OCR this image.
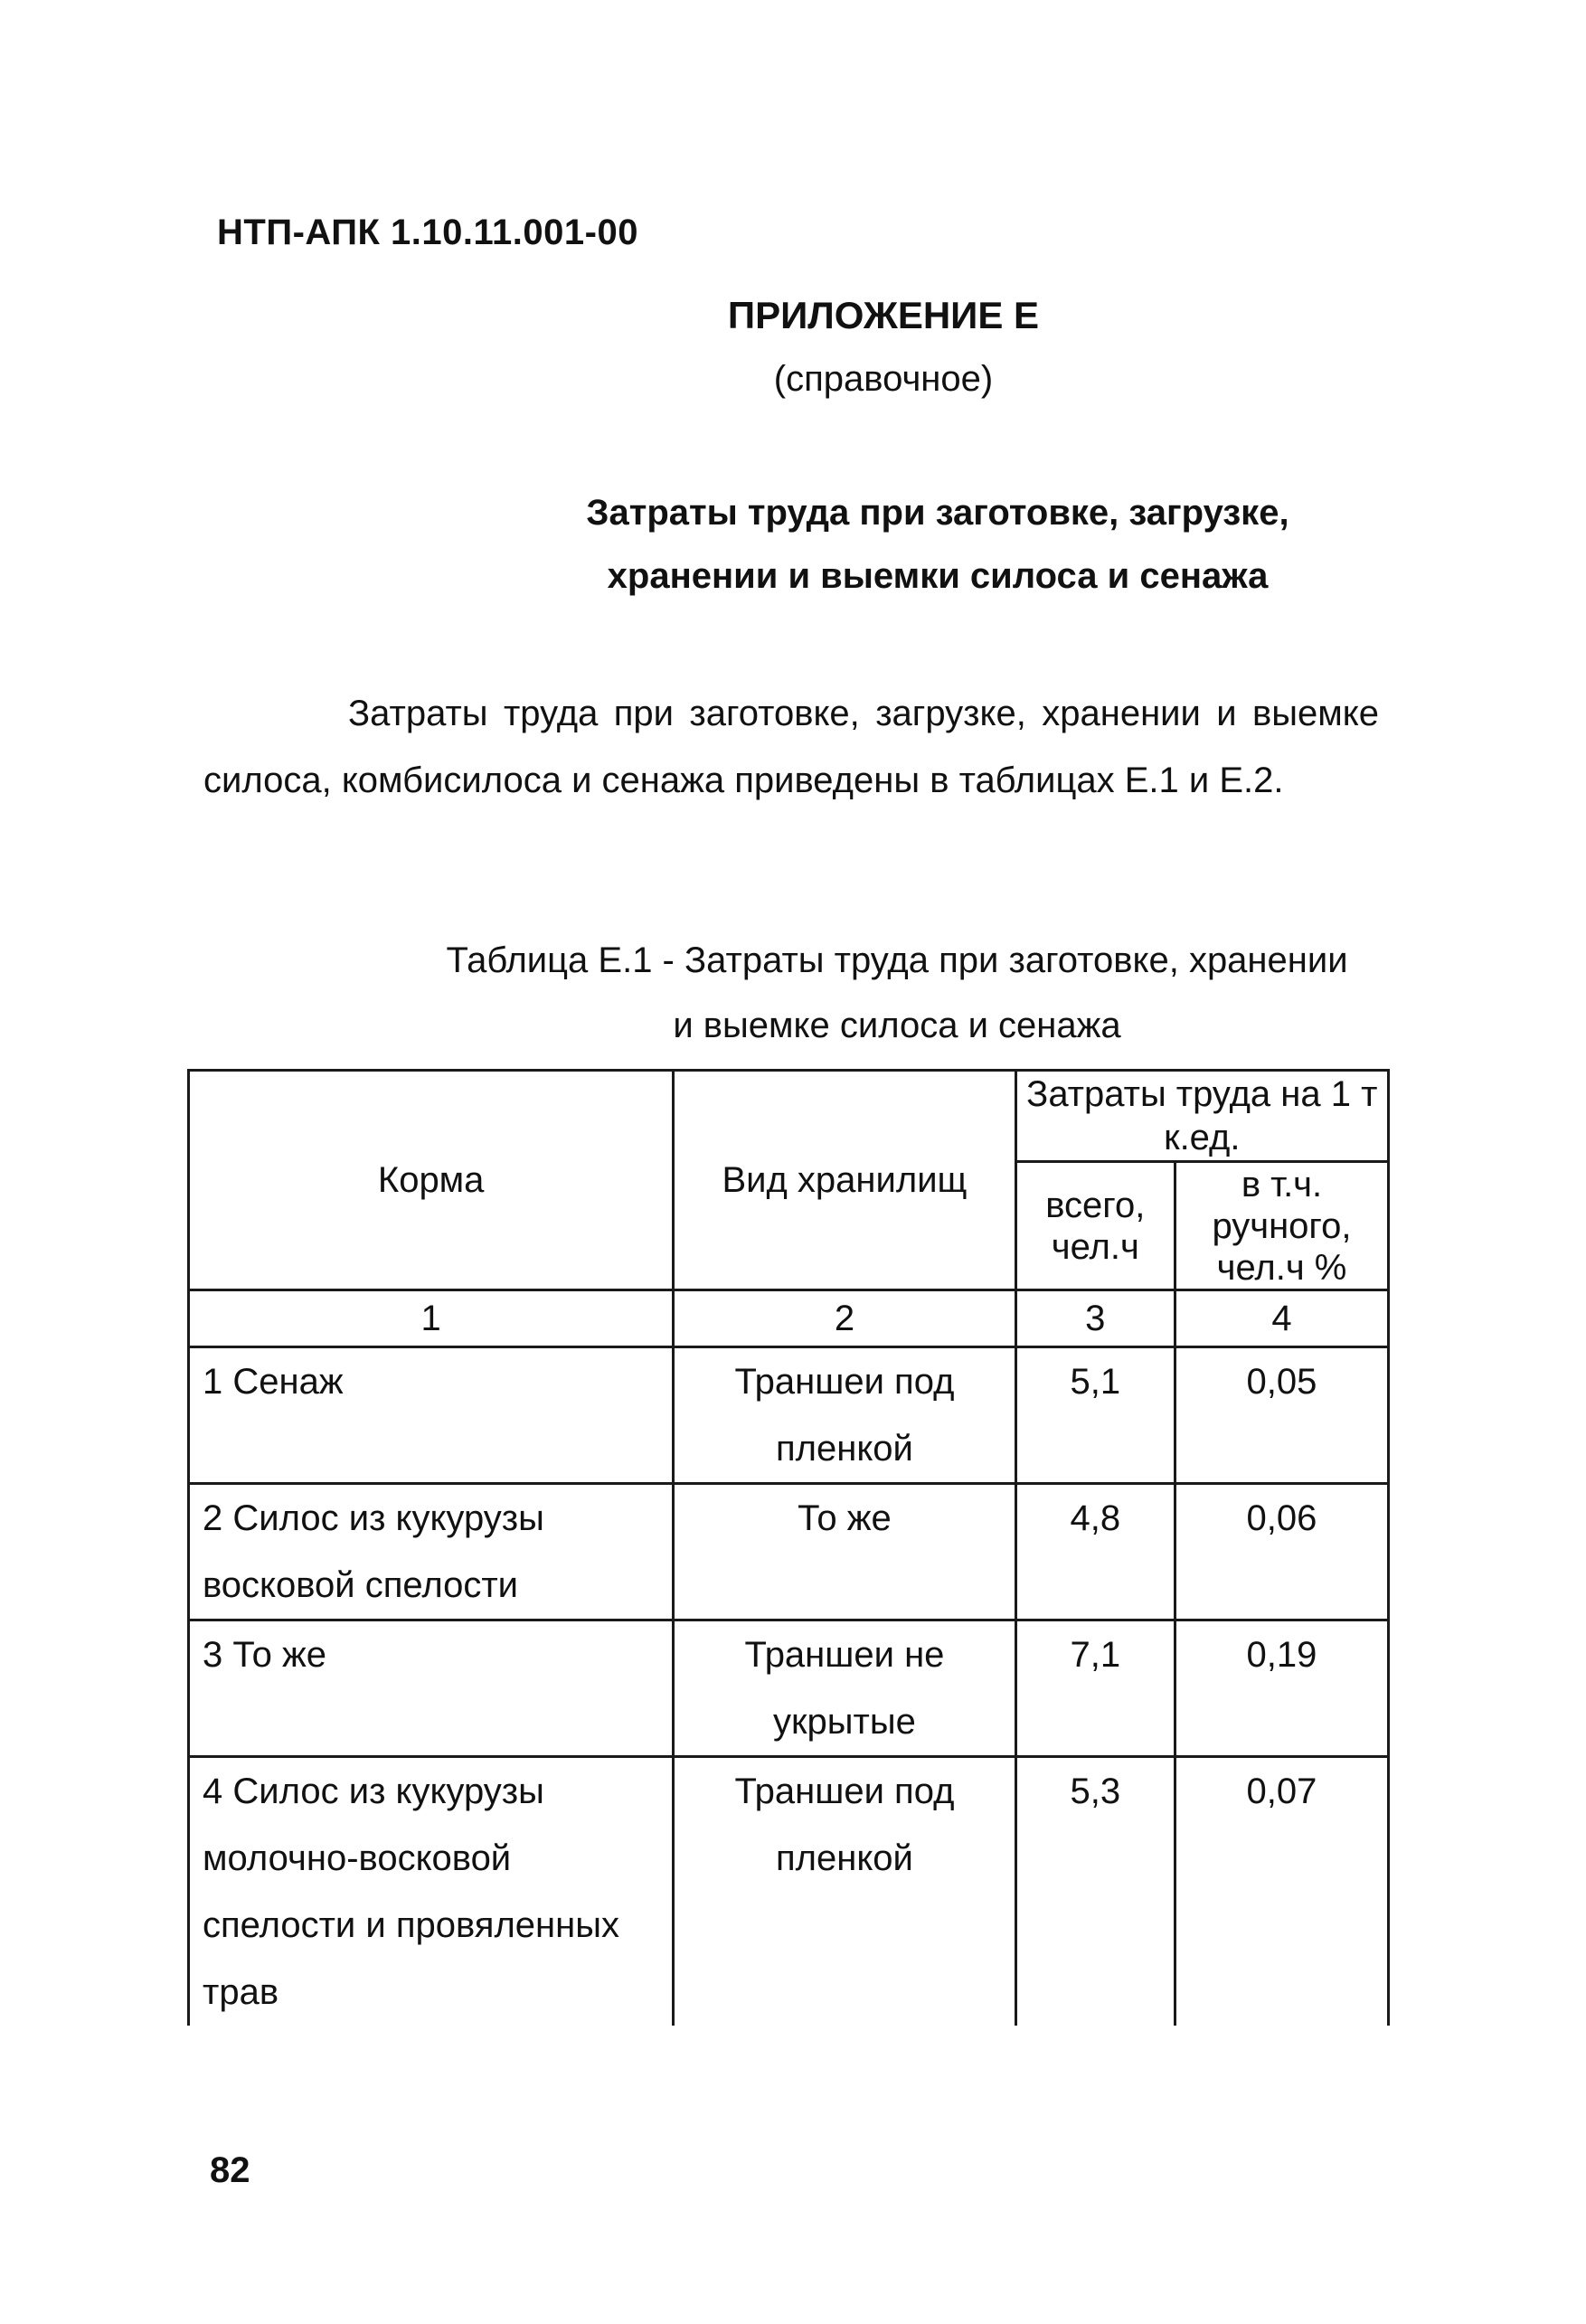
НТП-АПК 1.10.11.001-00
ПРИЛОЖЕНИЕ Е
(справочное)
Затраты труда при заготовке, загрузке,
хранении и выемки силоса и сенажа
Затраты труда при заготовке, загрузке, хранении и выемке силоса, комбисилоса и сенажа приведены в таблицах Е.1 и Е.2.
Таблица Е.1 - Затраты труда при заготовке, хранении
и выемке силоса и сенажа
Корма	Вид хранилищ	Затраты труда на 1 т к.ед.	
		всего, чел.ч	в т.ч. ручного, чел.ч %
1	2	3	4
1 Сенаж	Траншеи под пленкой	5,1	0,05
2 Силос из кукурузы восковой спелости	То же	4,8	0,06
3 То же	Траншеи не укрытые	7,1	0,19
4 Силос из кукурузы молочно-восковой спелости и провяленных трав	Траншеи под пленкой	5,3	0,07
82
